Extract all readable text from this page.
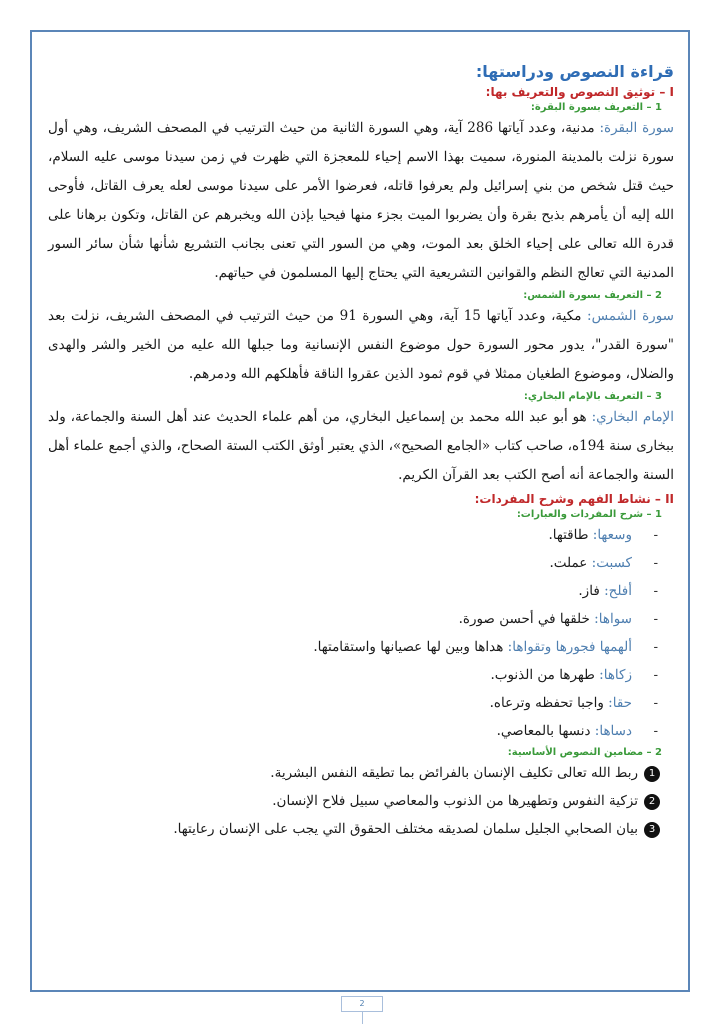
قراءة النصوص ودراستها:
I – توثيق النصوص والتعريف بها:
1 – التعريف بسورة البقرة:

سورة البقرة: مدنية، وعدد آياتها 286 آية، وهي السورة الثانية من حيث الترتيب في المصحف الشريف، وهي أول سورة نزلت بالمدينة المنورة، سميت بهذا الاسم إحياء للمعجزة التي ظهرت في زمن سيدنا موسى عليه السلام، حيث قتل شخص من بني إسرائيل ولم يعرفوا قاتله، فعرضوا الأمر على سيدنا موسى لعله يعرف القاتل، فأوحى الله إليه أن يأمرهم بذبح بقرة وأن يضربوا الميت بجزء منها فيحيا بإذن الله ويخبرهم عن القاتل، وتكون برهانا على قدرة الله تعالى على إحياء الخلق بعد الموت، وهي من السور التي تعنى بجانب التشريع شأنها شأن سائر السور المدنية التي تعالج النظم والقوانين التشريعية التي يحتاج إليها المسلمون في حياتهم.

2 – التعريف بسورة الشمس:

سورة الشمس: مكية، وعدد آياتها 15 آية، وهي السورة 91 من حيث الترتيب في المصحف الشريف، نزلت بعد "سورة القدر"، يدور محور السورة حول موضوع النفس الإنسانية وما جبلها الله عليه من الخير والشر والهدى والضلال، وموضوع الطغيان ممثلا في قوم ثمود الذين عقروا الناقة فأهلكهم الله ودمرهم.

3 – التعريف بالإمام البخاري:

الإمام البخاري: هو أبو عبد الله محمد بن إسماعيل البخاري، من أهم علماء الحديث عند أهل السنة والجماعة، ولد ببخارى سنة 194ه، صاحب كتاب «الجامع الصحيح»، الذي يعتبر أوثق الكتب الستة الصحاح، والذي أجمع علماء أهل السنة والجماعة أنه أصح الكتب بعد القرآن الكريم.

II – نشاط الفهم وشرح المفردات:
1 – شرح المفردات والعبارات:
-وسعها: طاقتها.
-كسبت: عملت.
-أفلح: فاز.
-سواها: خلقها في أحسن صورة.
-ألهمها فجورها وتقواها: هداها وبين لها عصيانها واستقامتها.
-زكاها: طهرها من الذنوب.
-حقا: واجبا تحفظه وترعاه.
-دساها: دنسها بالمعاصي.
2 – مضامين النصوص الأساسية:
1ربط الله تعالى تكليف الإنسان بالفرائض بما تطيقه النفس البشرية.
2تزكية النفوس وتطهيرها من الذنوب والمعاصي سبيل فلاح الإنسان.
3بيان الصحابي الجليل سلمان لصديقه مختلف الحقوق التي يجب على الإنسان رعايتها.
2
